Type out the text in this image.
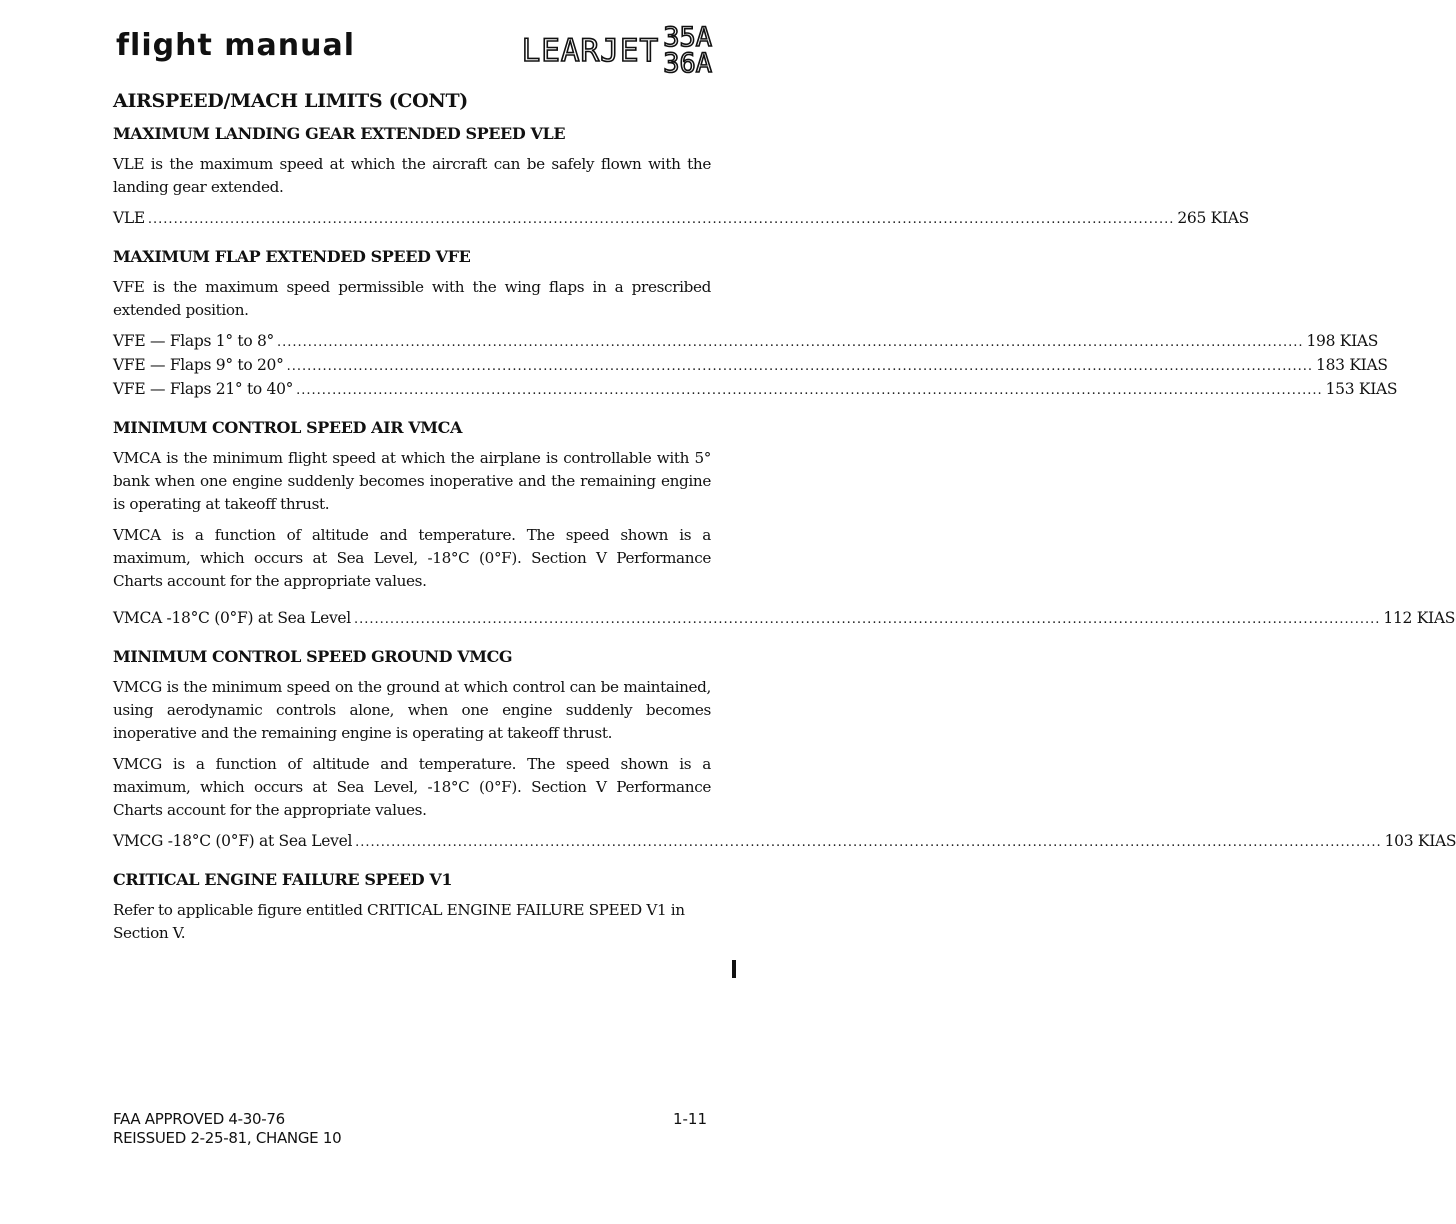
flight manual	LEARJET 35A
36A
AIRSPEED/MACH LIMITS (CONT)
MAXIMUM LANDING GEAR EXTENDED SPEED VLE

VLE is the maximum speed at which the aircraft can be safely flown with the landing gear extended.

VLE ........................................................................................................................................................................................................ 265 KIAS
MAXIMUM FLAP EXTENDED SPEED VFE

VFE is the maximum speed permissible with the wing flaps in a prescribed extended position.

VFE — Flaps 1° to 8° ........................................................................................................................................................................................................ 198 KIAS
VFE — Flaps 9° to 20° ........................................................................................................................................................................................................ 183 KIAS
VFE — Flaps 21° to 40° ........................................................................................................................................................................................................ 153 KIAS
MINIMUM CONTROL SPEED AIR VMCA

VMCA is the minimum flight speed at which the airplane is controllable with 5° bank when one engine suddenly becomes inoperative and the remaining engine is operating at takeoff thrust.

VMCA is a function of altitude and temperature. The speed shown is a maximum, which occurs at Sea Level, -18°C (0°F). Section V Performance Charts account for the appropriate values.

VMCA -18°C (0°F) at Sea Level ........................................................................................................................................................................................................ 112 KIAS
MINIMUM CONTROL SPEED GROUND VMCG

VMCG is the minimum speed on the ground at which control can be maintained, using aerodynamic controls alone, when one engine suddenly becomes inoperative and the remaining engine is operating at takeoff thrust.

VMCG is a function of altitude and temperature. The speed shown is a maximum, which occurs at Sea Level, -18°C (0°F). Section V Performance Charts account for the appropriate values.

VMCG -18°C (0°F) at Sea Level ........................................................................................................................................................................................................ 103 KIAS
CRITICAL ENGINE FAILURE SPEED V1

Refer to applicable figure entitled CRITICAL ENGINE FAILURE SPEED V1 in Section V.

FAA APPROVED 4-30-76
REISSUED 2-25-81, CHANGE 10
1-11
